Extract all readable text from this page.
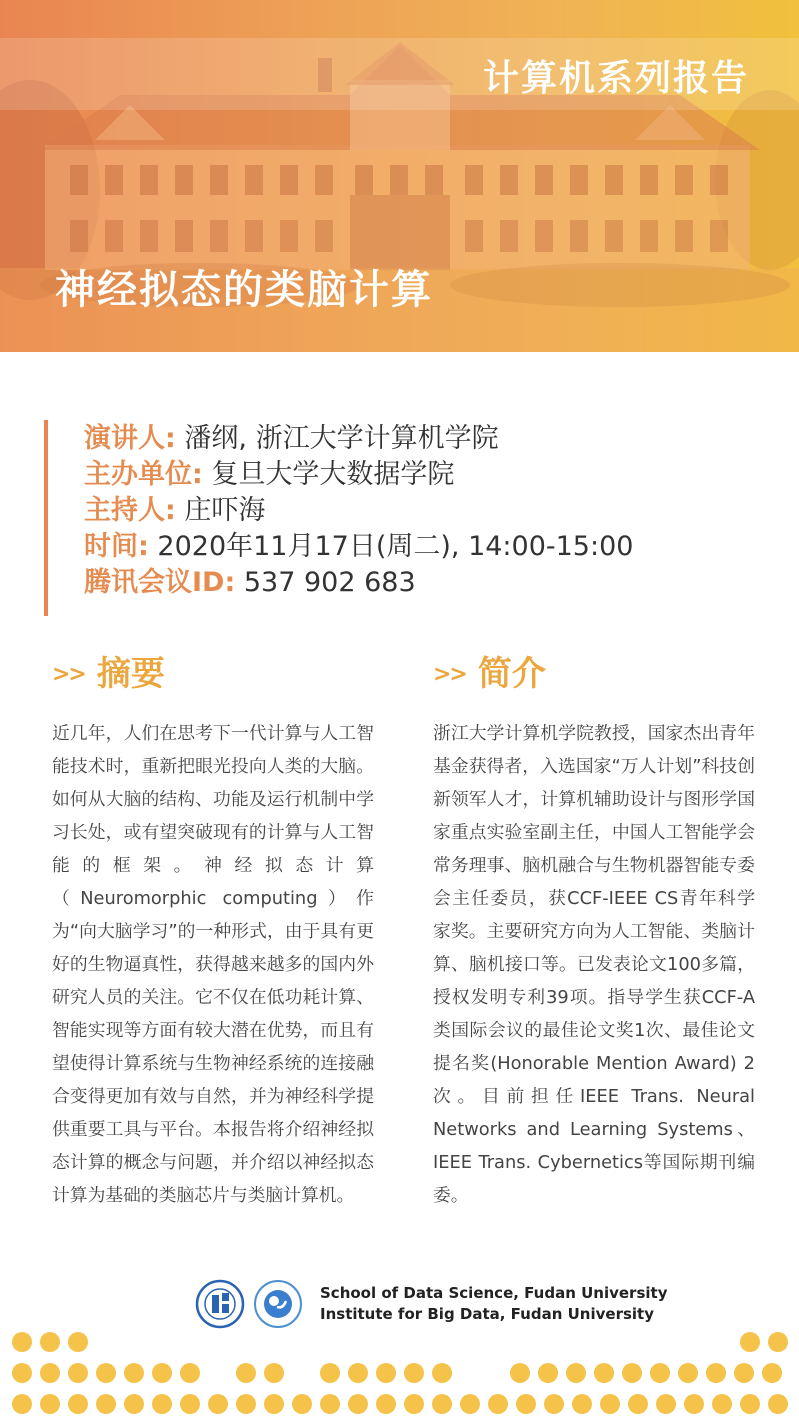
计算机系列报告
神经拟态的类脑计算
演讲人: 潘纲, 浙江大学计算机学院
主办单位: 复旦大学大数据学院
主持人: 庄吓海
时间: 2020年11月17日(周二), 14:00-15:00
腾讯会议ID: 537 902 683
>> 摘要	>> 简介
近几年，人们在思考下一代计算与人工智能技术时，重新把眼光投向人类的大脑。如何从大脑的结构、功能及运行机制中学习长处，或有望突破现有的计算与人工智能的框架。神经拟态计算（Neuromorphic computing）作为“向大脑学习”的一种形式，由于具有更好的生物逼真性，获得越来越多的国内外研究人员的关注。它不仅在低功耗计算、智能实现等方面有较大潜在优势，而且有望使得计算系统与生物神经系统的连接融合变得更加有效与自然，并为神经科学提供重要工具与平台。本报告将介绍神经拟态计算的概念与问题，并介绍以神经拟态计算为基础的类脑芯片与类脑计算机。
浙江大学计算机学院教授，国家杰出青年基金获得者，入选国家“万人计划”科技创新领军人才，计算机辅助设计与图形学国家重点实验室副主任，中国人工智能学会常务理事、脑机融合与生物机器智能专委会主任委员，获CCF-IEEE CS青年科学家奖。主要研究方向为人工智能、类脑计算、脑机接口等。已发表论文100多篇，授权发明专利39项。指导学生获CCF-A类国际会议的最佳论文奖1次、最佳论文提名奖(Honorable Mention Award) 2次。目前担任IEEE Trans. Neural Networks and Learning Systems、IEEE Trans. Cybernetics等国际期刊编委。
School of Data Science, Fudan University
Institute for Big Data, Fudan University
